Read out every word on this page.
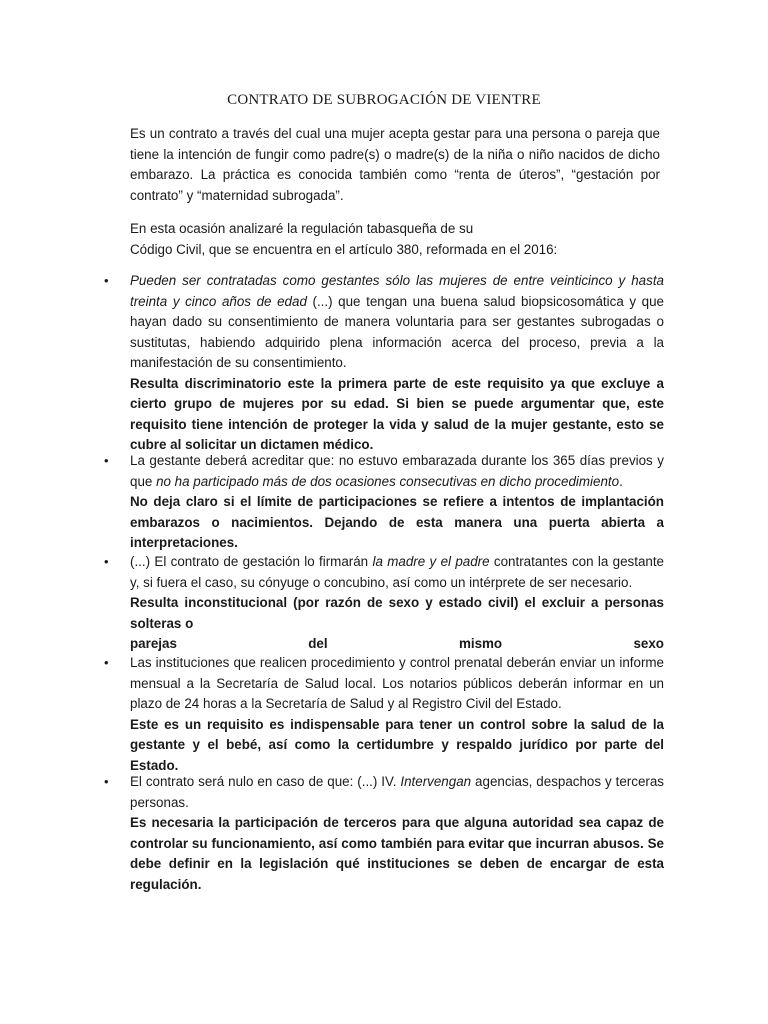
CONTRATO DE SUBROGACIÓN DE VIENTRE

Es un contrato a través del cual una mujer acepta gestar para una persona o pareja que tiene la intención de fungir como padre(s) o madre(s) de la niña o niño nacidos de dicho embarazo. La práctica es conocida también como “renta de úteros”, “gestación por contrato” y “maternidad subrogada”.

En esta ocasión analizaré la regulación tabasqueña de su
Código Civil, que se encuentra en el artículo 380, reformada en el 2016:

•	Pueden ser contratadas como gestantes sólo las mujeres de entre veinticinco y hasta treinta y cinco años de edad (...) que tengan una buena salud biopsicosomática y que hayan dado su consentimiento de manera voluntaria para ser gestantes subrogadas o sustitutas, habiendo adquirido plena información acerca del proceso, previa a la manifestación de su consentimiento.

Resulta discriminatorio este la primera parte de este requisito ya que excluye a cierto grupo de mujeres por su edad. Si bien se puede argumentar que, este requisito tiene intención de proteger la vida y salud de la mujer gestante, esto se cubre al solicitar un dictamen médico.

•	La gestante deberá acreditar que: no estuvo embarazada durante los 365 días previos y que no ha participado más de dos ocasiones consecutivas en dicho procedimiento.

No deja claro si el límite de participaciones se refiere a intentos de implantación embarazos o nacimientos. Dejando de esta manera una puerta abierta a interpretaciones.

•	(...) El contrato de gestación lo firmarán la madre y el padre contratantes con la gestante y, si fuera el caso, su cónyuge o concubino, así como un intérprete de ser necesario.

Resulta inconstitucional (por razón de sexo y estado civil) el excluir a personas solteras o

parejas	del	mismo	sexo
•	Las instituciones que realicen procedimiento y control prenatal deberán enviar un informe mensual a la Secretaría de Salud local. Los notarios públicos deberán informar en un plazo de 24 horas a la Secretaría de Salud y al Registro Civil del Estado.

Este es un requisito es indispensable para tener un control sobre la salud de la gestante y el bebé, así como la certidumbre y respaldo jurídico por parte del Estado.

•	El contrato será nulo en caso de que: (...) IV. Intervengan agencias, despachos y terceras personas.

Es necesaria la participación de terceros para que alguna autoridad sea capaz de controlar su funcionamiento, así como también para evitar que incurran abusos. Se debe definir en la legislación qué instituciones se deben de encargar de esta regulación.
